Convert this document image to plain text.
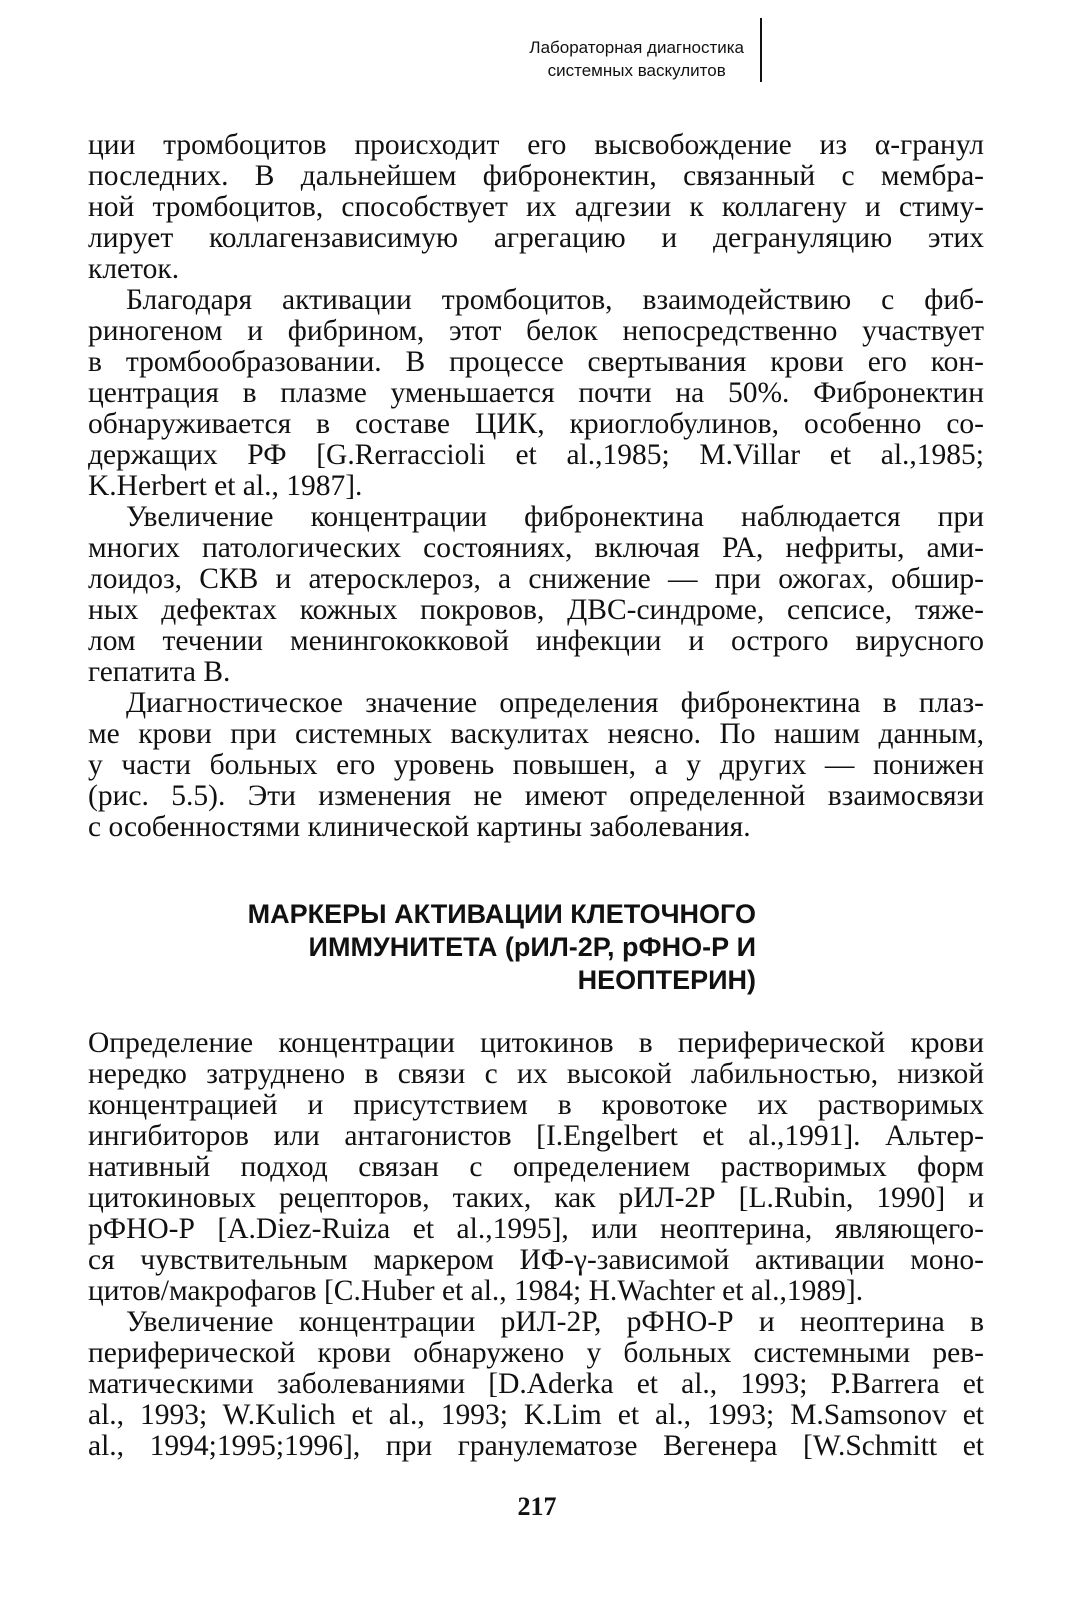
Лабораторная диагностика
системных васкулитов
ции тромбоцитов происходит его высвобождение из α-гранул
последних. В дальнейшем фибронектин, связанный с мембра-
ной тромбоцитов, способствует их адгезии к коллагену и стиму-
лирует коллагензависимую агрегацию и дегрануляцию этих
клеток.
Благодаря активации тромбоцитов, взаимодействию с фиб-
риногеном и фибрином, этот белок непосредственно участвует
в тромбообразовании. В процессе свертывания крови его кон-
центрация в плазме уменьшается почти на 50%. Фибронектин
обнаруживается в составе ЦИК, криоглобулинов, особенно со-
держащих РФ [G.Rerraccioli et al.,1985; M.Villar et al.,1985;
K.Herbert et al., 1987].
Увеличение концентрации фибронектина наблюдается при
многих патологических состояниях, включая РА, нефриты, ами-
лоидоз, СКВ и атеросклероз, а снижение — при ожогах, обшир-
ных дефектах кожных покровов, ДВС-синдроме, сепсисе, тяже-
лом течении менингококковой инфекции и острого вирусного
гепатита В.
Диагностическое значение определения фибронектина в плаз-
ме крови при системных васкулитах неясно. По нашим данным,
у части больных его уровень повышен, а у других — понижен
(рис. 5.5). Эти изменения не имеют определенной взаимосвязи
с особенностями клинической картины заболевания.
МАРКЕРЫ АКТИВАЦИИ КЛЕТОЧНОГО
ИММУНИТЕТА (рИЛ-2Р, рФНО-Р И
НЕОПТЕРИН)
Определение концентрации цитокинов в периферической крови
нередко затруднено в связи с их высокой лабильностью, низкой
концентрацией и присутствием в кровотоке их растворимых
ингибиторов или антагонистов [I.Engelbert et al.,1991]. Альтер-
нативный подход связан с определением растворимых форм
цитокиновых рецепторов, таких, как рИЛ-2Р [L.Rubin, 1990] и
рФНО-Р [A.Diez-Ruiza et al.,1995], или неоптерина, являющего-
ся чувствительным маркером ИФ-γ-зависимой активации моно-
цитов/макрофагов [C.Huber et al., 1984; H.Wachter et al.,1989].
Увеличение концентрации рИЛ-2Р, рФНО-Р и неоптерина в
периферической крови обнаружено у больных системными рев-
матическими заболеваниями [D.Aderka et al., 1993; P.Barrera et
al., 1993; W.Kulich et al., 1993; K.Lim et al., 1993; M.Samsonov et
al., 1994;1995;1996], при гранулематозе Вегенера [W.Schmitt et
217
